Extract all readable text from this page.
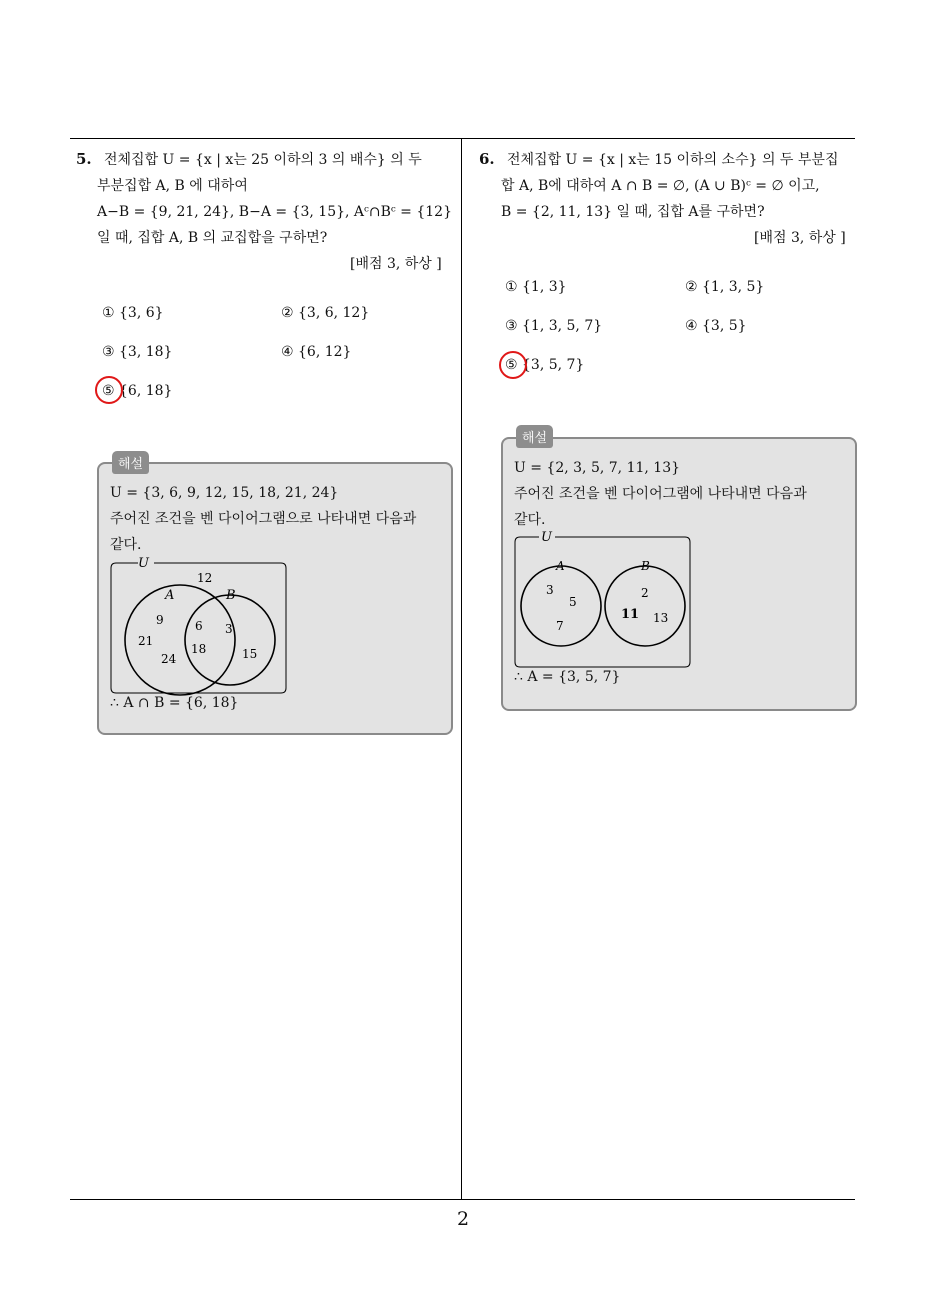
2
5. 전체집합 U = {x | x는 25 이하의 3 의 배수} 의 두
부분집합 A, B 에 대하여
A−B = {9, 21, 24}, B−A = {3, 15}, Aᶜ∩Bᶜ = {12}
일 때, 집합 A, B 의 교집합을 구하면?
[배점 3, 하상 ]
① {3, 6}	② {3, 6, 12}
③ {3, 18}	④ {6, 12}
⑤ {6, 18}
해설
U = {3, 6, 9, 12, 15, 18, 21, 24}
주어진 조건을 벤 다이어그램으로 나타내면 다음과
같다.
U
A	B
12
9
21
24
6
18
3
15
∴ A ∩ B = {6, 18}
6. 전체집합 U = {x | x는 15 이하의 소수} 의 두 부분집
합 A, B에 대하여 A ∩ B = ∅, (A ∪ B)ᶜ = ∅ 이고,
B = {2, 11, 13} 일 때, 집합 A를 구하면?
[배점 3, 하상 ]
① {1, 3}	② {1, 3, 5}
③ {1, 3, 5, 7}	④ {3, 5}
⑤ {3, 5, 7}
해설
U = {2, 3, 5, 7, 11, 13}
주어진 조건을 벤 다이어그램에 나타내면 다음과
같다.
U
A	B
3
5
7
2
11 13
∴ A = {3, 5, 7}
